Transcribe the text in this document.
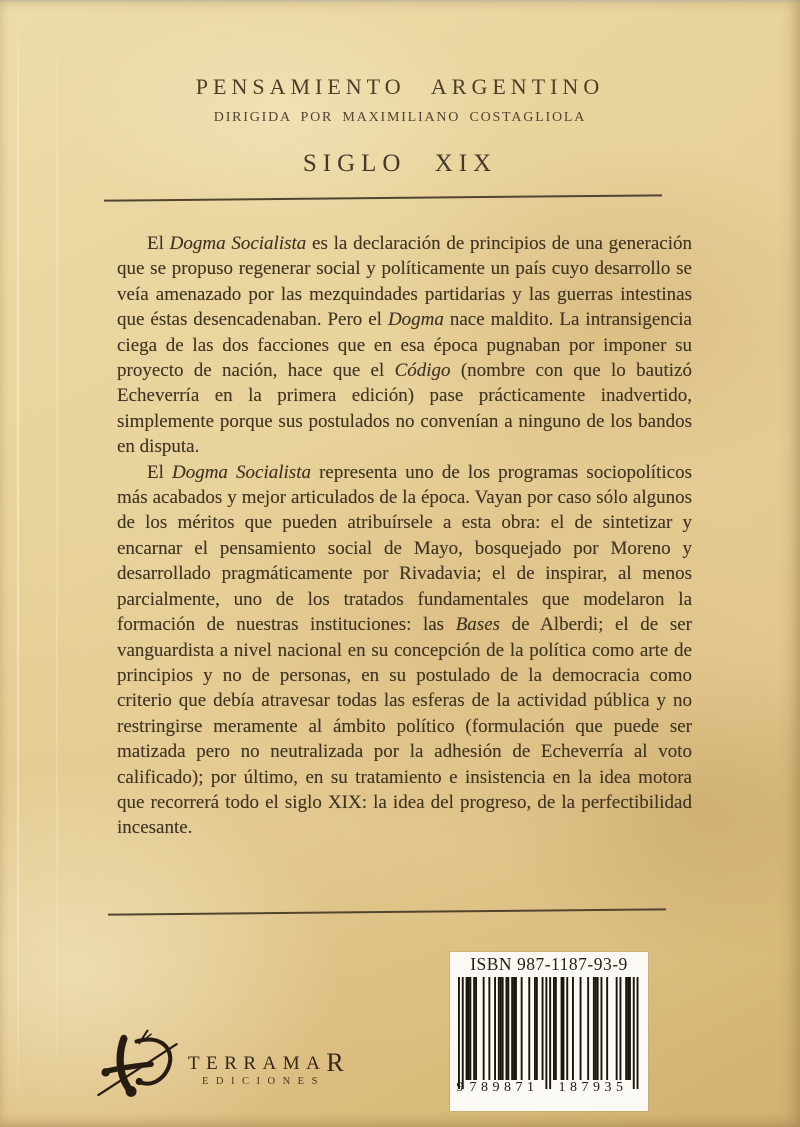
PENSAMIENTO ARGENTINO
DIRIGIDA POR MAXIMILIANO COSTAGLIOLA
SIGLO XIX

El Dogma Socialista es la declaración de principios de una generación que se propuso regenerar social y políticamente un país cuyo desarrollo se veía amenazado por las mezquindades partidarias y las guerras intestinas que éstas desencadenaban. Pero el Dogma nace maldito. La intransigencia ciega de las dos facciones que en esa época pugnaban por imponer su proyecto de nación, hace que el Código (nombre con que lo bautizó Echeverría en la primera edición) pase prácticamente inadvertido, simplemente porque sus postulados no convenían a ninguno de los bandos en disputa.

El Dogma Socialista representa uno de los programas sociopolíticos más acabados y mejor articulados de la época. Vayan por caso sólo algunos de los méritos que pueden atribuírsele a esta obra: el de sintetizar y encarnar el pensamiento social de Mayo, bosquejado por Moreno y desarrollado pragmáticamente por Rivadavia; el de inspirar, al menos parcialmente, uno de los tratados fundamentales que modelaron la formación de nuestras instituciones: las Bases de Alberdi; el de ser vanguardista a nivel nacional en su concepción de la política como arte de principios y no de personas, en su postulado de la democracia como criterio que debía atravesar todas las esferas de la actividad pública y no restringirse meramente al ámbito político (formulación que puede ser matizada pero no neutralizada por la adhesión de Echeverría al voto calificado); por último, en su tratamiento e insistencia en la idea motora que recorrerá todo el siglo XIX: la idea del progreso, de la perfectibilidad incesante.

TERRAMAR
EDICIONES
ISBN 987-1187-93-9
9 789871	187935
